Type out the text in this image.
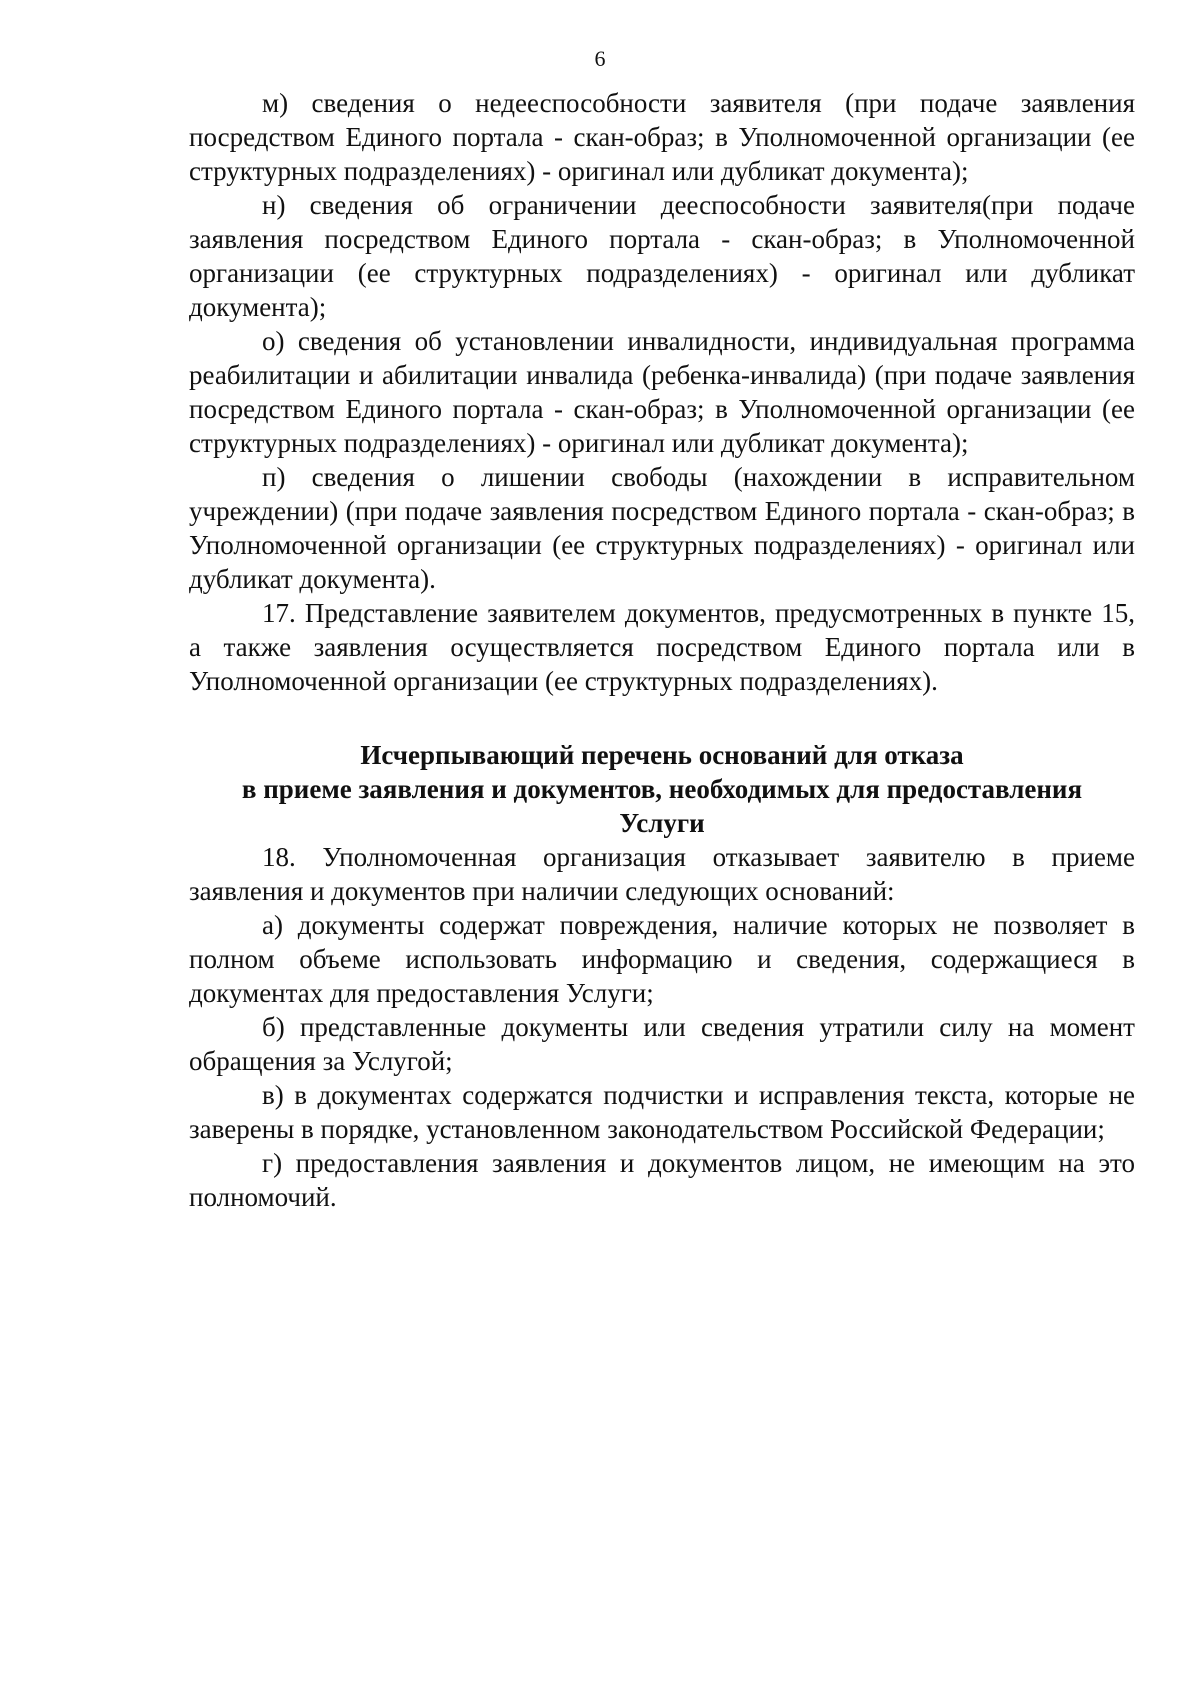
6

м) сведения о недееспособности заявителя (при подаче заявления посредством Единого портала - скан-образ; в Уполномоченной организации (ее структурных подразделениях) - оригинал или дубликат документа);

н) сведения об ограничении дееспособности заявителя(при подаче заявления посредством Единого портала - скан-образ; в Уполномоченной организации (ее структурных подразделениях) - оригинал или дубликат документа);

о) сведения об установлении инвалидности, индивидуальная программа реабилитации и абилитации инвалида (ребенка-инвалида) (при подаче заявления посредством Единого портала - скан-образ; в Уполномоченной организации (ее структурных подразделениях) - оригинал или дубликат документа);

п) сведения о лишении свободы (нахождении в исправительном учреждении) (при подаче заявления посредством Единого портала - скан-образ; в Уполномоченной организации (ее структурных подразделениях) - оригинал или дубликат документа).

17. Представление заявителем документов, предусмотренных в пункте 15, а также заявления осуществляется посредством Единого портала или в Уполномоченной организации (ее структурных подразделениях).

Исчерпывающий перечень оснований для отказа
в приеме заявления и документов, необходимых для предоставления
Услуги

18. Уполномоченная организация отказывает заявителю в приеме заявления и документов при наличии следующих оснований:

а) документы содержат повреждения, наличие которых не позволяет в полном объеме использовать информацию и сведения, содержащиеся в документах для предоставления Услуги;

б) представленные документы или сведения утратили силу на момент обращения за Услугой;

в) в документах содержатся подчистки и исправления текста, которые не заверены в порядке, установленном законодательством Российской Федерации;

г) предоставления заявления и документов лицом, не имеющим на это полномочий.
